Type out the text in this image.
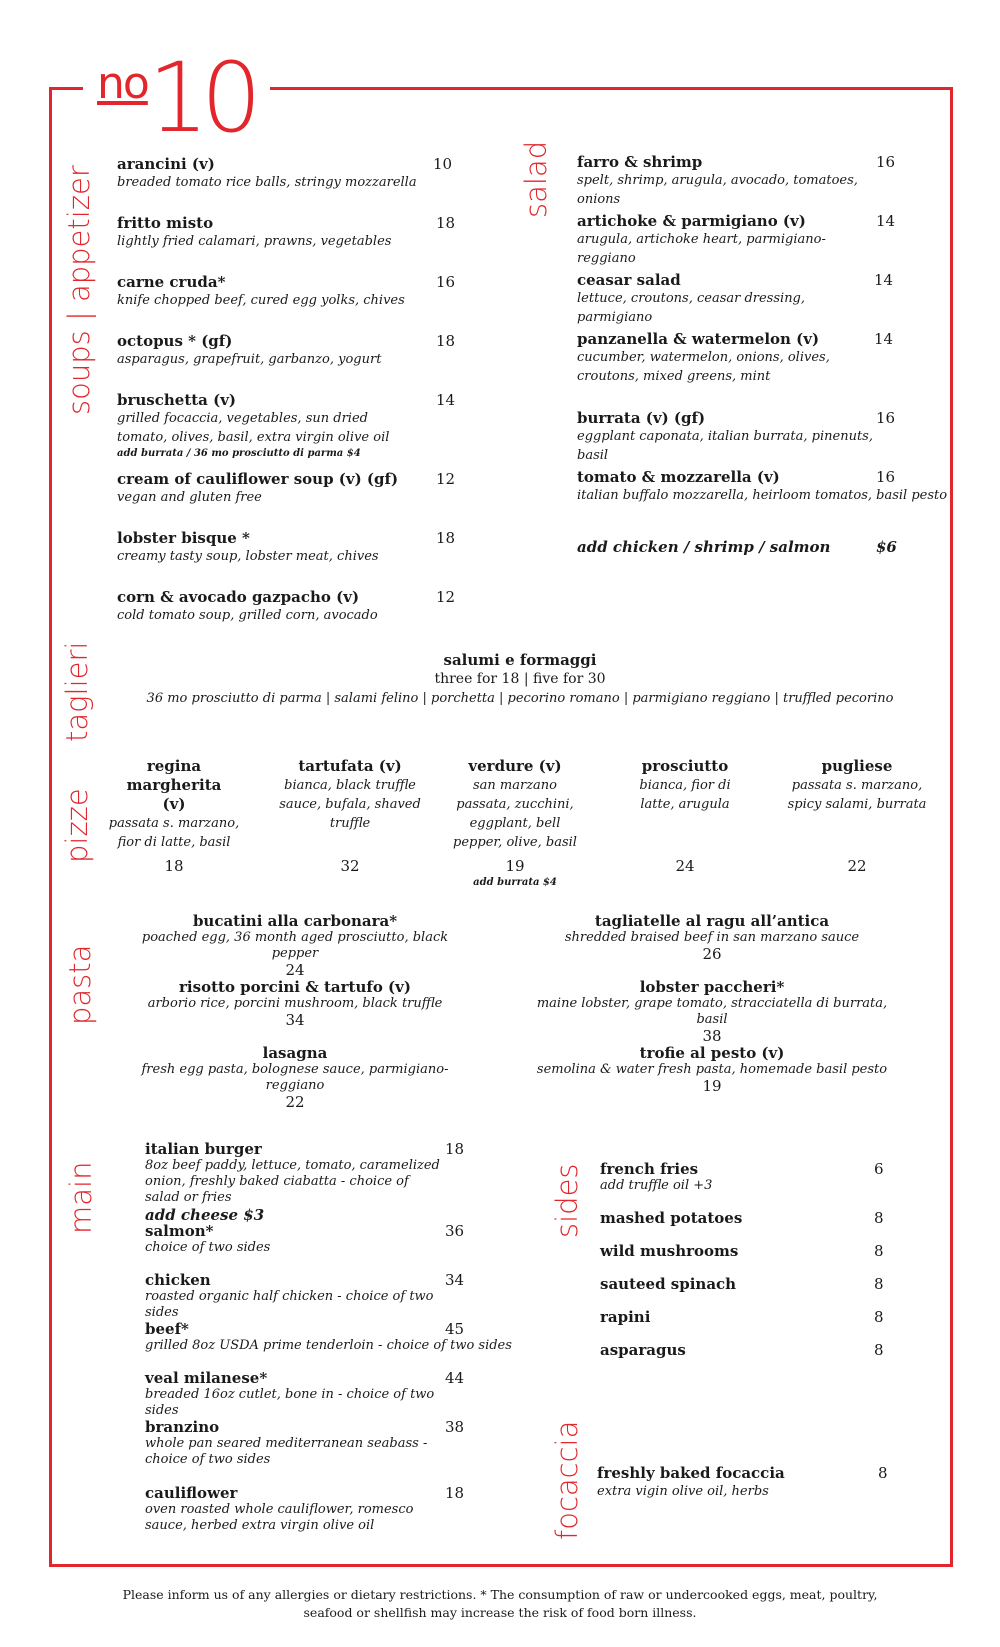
no10
soups | appetizer	salad
taglieri
pizze
pasta
main	sides
focaccia
arancini (v)
breaded tomato rice balls, stringy mozzarella
10
fritto misto
lightly fried calamari, prawns, vegetables
18
carne cruda*
knife chopped beef, cured egg yolks, chives
16
octopus * (gf)
asparagus, grapefruit, garbanzo, yogurt
18
bruschetta (v)
grilled focaccia, vegetables, sun dried tomato, olives, basil, extra virgin olive oil
add burrata / 36 mo prosciutto di parma $4
14
cream of cauliflower soup (v) (gf)
vegan and gluten free
12
lobster bisque *
creamy tasty soup, lobster meat, chives
18
corn & avocado gazpacho (v)
cold tomato soup, grilled corn, avocado
12
farro & shrimp
spelt, shrimp, arugula, avocado, tomatoes, onions
16
artichoke & parmigiano (v)
arugula, artichoke heart, parmigiano-reggiano
14
ceasar salad
lettuce, croutons, ceasar dressing, parmigiano
14
panzanella & watermelon (v)
cucumber, watermelon, onions, olives, croutons, mixed greens, mint
14
burrata (v) (gf)
eggplant caponata, italian burrata, pinenuts, basil
16
tomato & mozzarella (v)
italian buffalo mozzarella, heirloom tomatos, basil pesto
16
add chicken / shrimp / salmon	$6
salumi e formaggi
three for 18 | five for 30
36 mo prosciutto di parma | salami felino | porchetta | pecorino romano | parmigiano reggiano | truffled pecorino
regina margherita (v)
passata s. marzano, fior di latte, basil
18
tartufata (v)
bianca, black truffle sauce, bufala, shaved truffle
32
verdure (v)
san marzano passata, zucchini, eggplant, bell pepper, olive, basil
19
add burrata $4
prosciutto
bianca, fior di latte, arugula
24
pugliese
passata s. marzano, spicy salami, burrata
22
bucatini alla carbonara*
poached egg, 36 month aged prosciutto, black pepper
24
tagliatelle al ragu all’antica
shredded braised beef in san marzano sauce
26
risotto porcini & tartufo (v)
arborio rice, porcini mushroom, black truffle
34
lobster paccheri*
maine lobster, grape tomato, stracciatella di burrata, basil
38
lasagna
fresh egg pasta, bolognese sauce, parmigiano-reggiano
22
trofie al pesto (v)
semolina & water fresh pasta, homemade basil pesto
19
italian burger
8oz beef paddy, lettuce, tomato, caramelized onion, freshly baked ciabatta - choice of salad or fries
add cheese $3
18
salmon*
choice of two sides
36
chicken
roasted organic half chicken - choice of two sides
34
beef*
grilled 8oz USDA prime tenderloin - choice of two sides
45
veal milanese*
breaded 16oz cutlet, bone in - choice of two sides
44
branzino
whole pan seared mediterranean seabass - choice of two sides
38
cauliflower
oven roasted whole cauliflower, romesco sauce, herbed extra virgin olive oil
18
french fries
add truffle oil +3
6
mashed potatoes	8
wild mushrooms	8
sauteed spinach	8
rapini	8
asparagus	8
freshly baked focaccia
extra vigin olive oil, herbs
8
Please inform us of any allergies or dietary restrictions. * The consumption of raw or undercooked eggs, meat, poultry, seafood or shellfish may increase the risk of food born illness.
